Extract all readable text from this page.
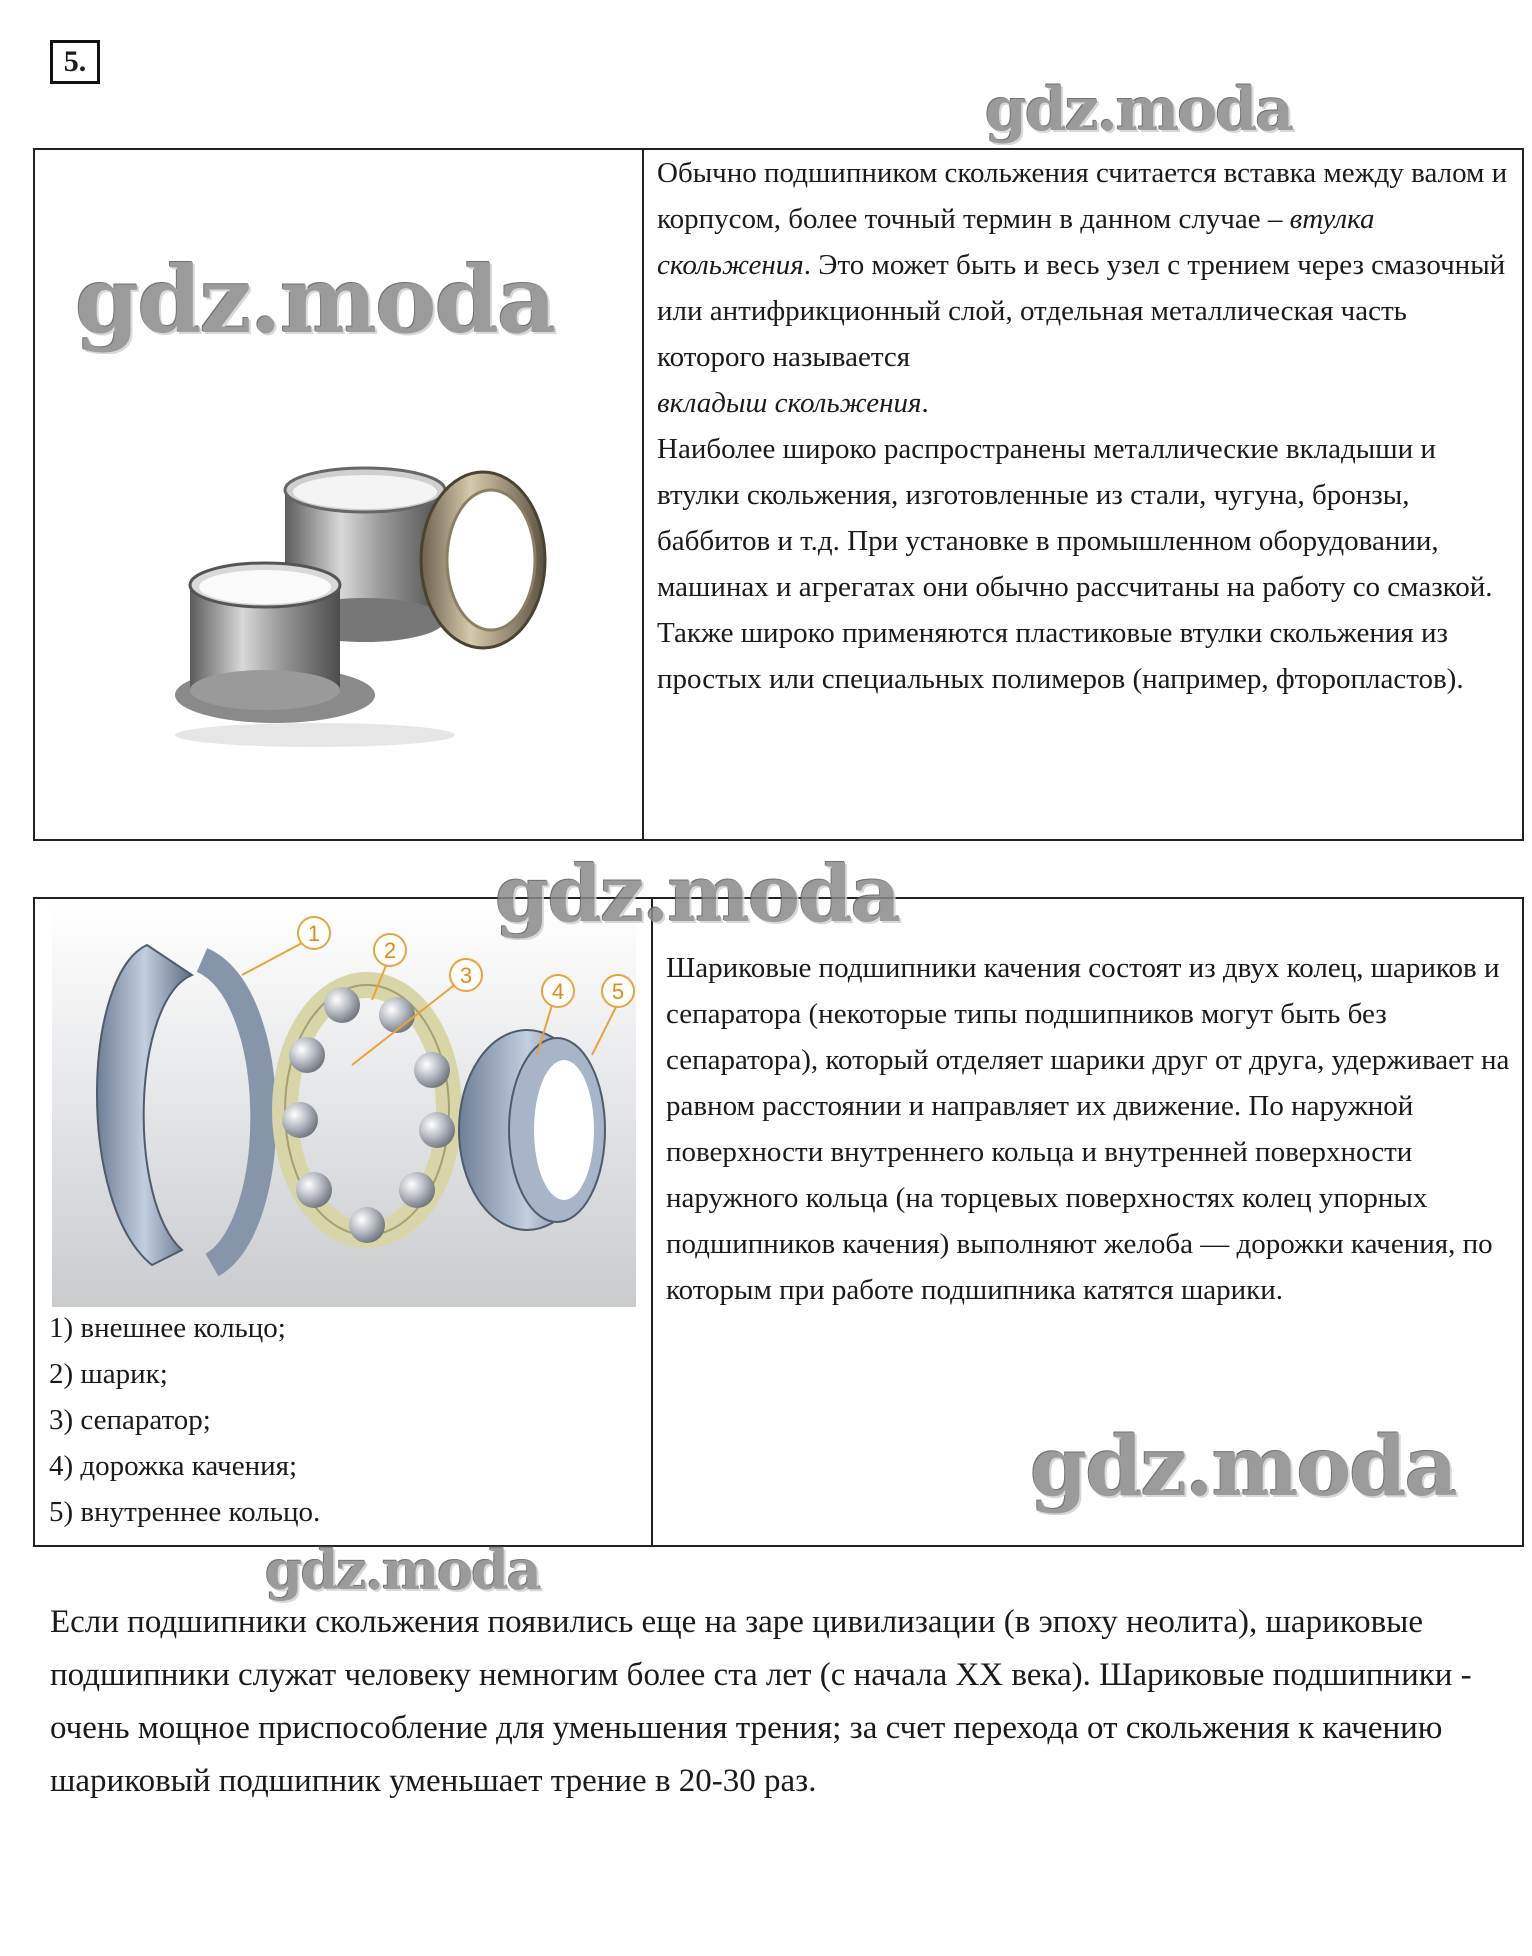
5.
gdz.moda
gdz.moda

Обычно подшипником скольжения считается вставка между валом и корпусом, более точный термин в данном случае – втулка скольжения. Это может быть и весь узел с трением через смазочный или антифрикционный слой, отдельная металлическая часть которого называется

вкладыш скольжения.

Наиболее широко распространены металлические вкладыши и втулки скольжения, изготовленные из стали, чугуна, бронзы, баббитов и т.д. При установке в промышленном оборудовании, машинах и агрегатах они обычно рассчитаны на работу со смазкой.

Также широко применяются пластиковые втулки скольжения из простых или специальных полимеров (например, фторопластов).

1
2
3
4 5
1) внешнее кольцо;
2) шарик;
3) сепаратор;
4) дорожка качения;
5) внутреннее кольцо.
Шариковые подшипники качения состоят из двух колец, шариков и сепаратора (некоторые типы подшипников могут быть без сепаратора), который отделяет шарики друг от друга, удерживает на равном расстоянии и направляет их движение. По наружной поверхности внутреннего кольца и внутренней поверхности наружного кольца (на торцевых поверхностях колец упорных подшипников качения) выполняют желоба — дорожки качения, по которым при работе подшипника катятся шарики.
gdz.moda
gdz.moda
gdz.moda
Если подшипники скольжения появились еще на заре цивилизации (в эпоху неолита), шариковые подшипники служат человеку немногим более ста лет (с начала XX века). Шариковые подшипники - очень мощное приспособление для уменьшения трения; за счет перехода от скольжения к качению шариковый подшипник уменьшает трение в 20-30 раз.
